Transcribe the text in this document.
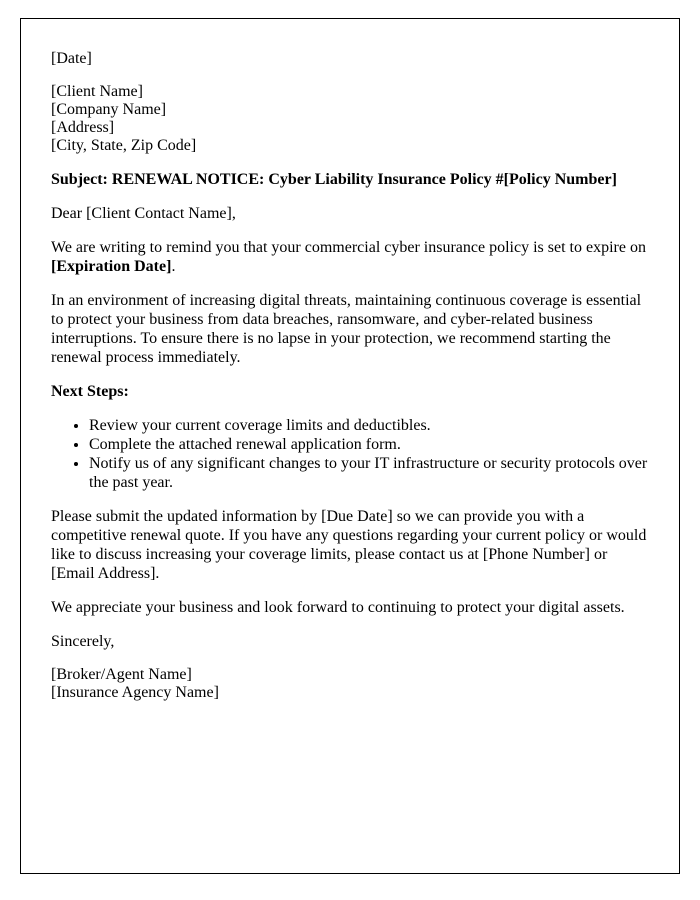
[Date]

[Client Name]
[Company Name]
[Address]
[City, State, Zip Code]

Subject: RENEWAL NOTICE: Cyber Liability Insurance Policy #[Policy Number]

Dear [Client Contact Name],

We are writing to remind you that your commercial cyber insurance policy is set to expire on [Expiration Date].

In an environment of increasing digital threats, maintaining continuous coverage is essential to protect your business from data breaches, ransomware, and cyber-related business interruptions. To ensure there is no lapse in your protection, we recommend starting the renewal process immediately.

Next Steps:

• Review your current coverage limits and deductibles.
• Complete the attached renewal application form.
• Notify us of any significant changes to your IT infrastructure or security protocols over the past year.

Please submit the updated information by [Due Date] so we can provide you with a competitive renewal quote. If you have any questions regarding your current policy or would like to discuss increasing your coverage limits, please contact us at [Phone Number] or [Email Address].

We appreciate your business and look forward to continuing to protect your digital assets.

Sincerely,

[Broker/Agent Name]
[Insurance Agency Name]
